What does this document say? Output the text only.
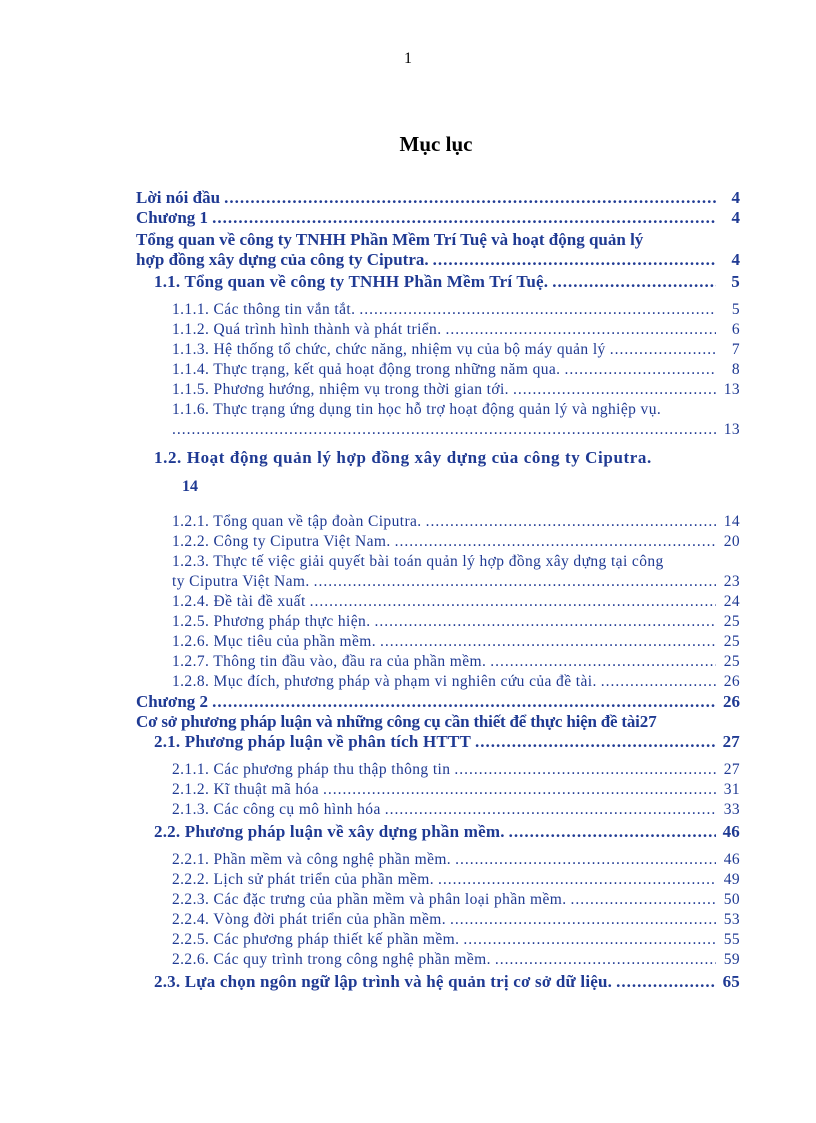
1
Mục lục
Lời nói đầu .....	4
Chương 1 .....	4
Tổng quan về công ty TNHH Phần Mềm Trí Tuệ và hoạt động quản lý
hợp đồng xây dựng của công ty Ciputra. .....	4
1.1. Tổng quan về công ty TNHH Phần Mềm Trí Tuệ. .....	5
1.1.1. Các thông tin vắn tắt. .....	5
1.1.2. Quá trình hình thành và phát triển. .....	6
1.1.3. Hệ thống tổ chức, chức năng, nhiệm vụ của bộ máy quản lý .....	7
1.1.4. Thực trạng, kết quả hoạt động trong những năm qua. .....	8
1.1.5. Phương hướng, nhiệm vụ trong thời gian tới. .....	13
1.1.6. Thực trạng ứng dụng tin học hỗ trợ hoạt động quản lý và nghiệp vụ.
.....
13
1.2. Hoạt động quản lý hợp đồng xây dựng của công ty Ciputra.
14
1.2.1. Tổng quan về tập đoàn Ciputra. .....	14
1.2.2. Công ty Ciputra Việt Nam. .....	20
1.2.3. Thực tế việc giải quyết bài toán quản lý hợp đồng xây dựng tại công
ty Ciputra Việt Nam. .....	23
1.2.4. Đề tài đề xuất .....	24
1.2.5. Phương pháp thực hiện. .....	25
1.2.6. Mục tiêu của phần mềm. .....	25
1.2.7. Thông tin đầu vào, đầu ra của phần mềm. .....	25
1.2.8. Mục đích, phương pháp và phạm vi nghiên cứu của đề tài. .....	26
Chương 2 .....	26
Cơ sở phương pháp luận và những công cụ cần thiết để thực hiện đề tài 27
2.1. Phương pháp luận về phân tích HTTT .....	27
2.1.1. Các phương pháp thu thập thông tin .....	27
2.1.2. Kĩ thuật mã hóa .....	31
2.1.3. Các công cụ mô hình hóa .....	33
2.2. Phương pháp luận về xây dựng phần mềm. .....	46
2.2.1. Phần mềm và công nghệ phần mềm. .....	46
2.2.2. Lịch sử phát triển của phần mềm. .....	49
2.2.3. Các đặc trưng của phần mềm và phân loại phần mềm. .....	50
2.2.4. Vòng đời phát triển của phần mềm. .....	53
2.2.5. Các phương pháp thiết kế phần mềm. .....	55
2.2.6. Các quy trình trong công nghệ phần mềm. .....	59
2.3. Lựa chọn ngôn ngữ lập trình và hệ quản trị cơ sở dữ liệu. .....	65
